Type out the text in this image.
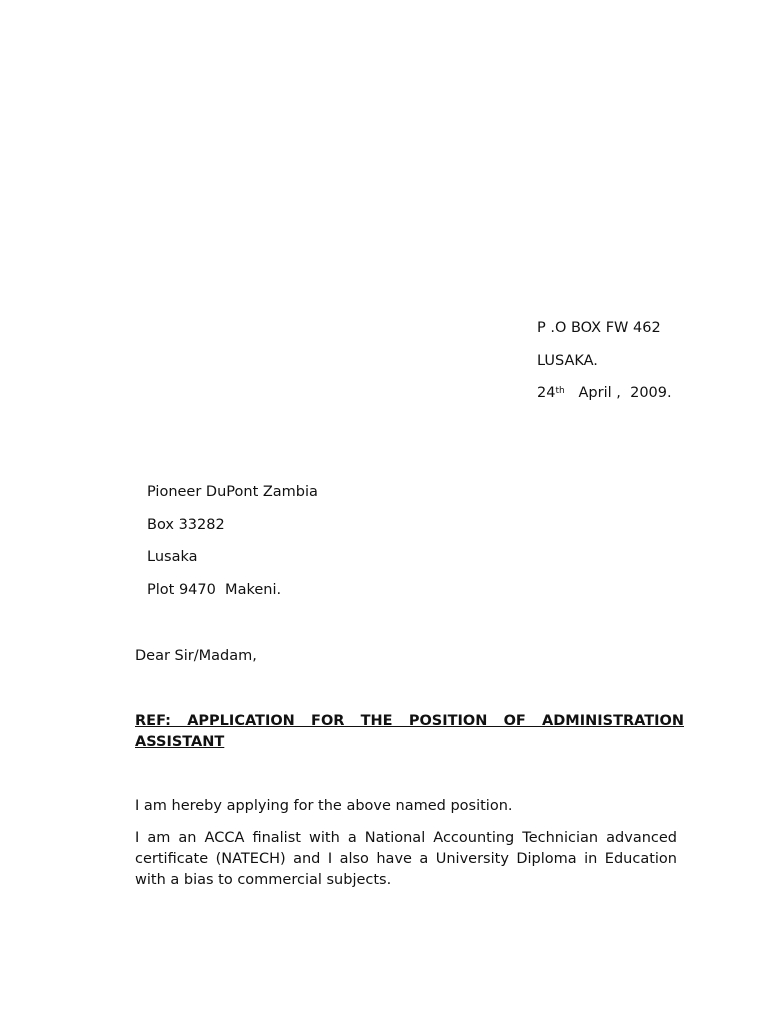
P .O BOX FW 462
LUSAKA.
24th   April ,  2009.
Pioneer DuPont Zambia
Box 33282
Lusaka
Plot 9470  Makeni.
Dear Sir/Madam,
REF: APPLICATION FOR THE POSITION OF ADMINISTRATION ASSISTANT
I am hereby applying for the above named position.
I am an ACCA finalist with a National Accounting Technician advanced certificate (NATECH) and I also have a University Diploma in Education with a bias to commercial subjects.
